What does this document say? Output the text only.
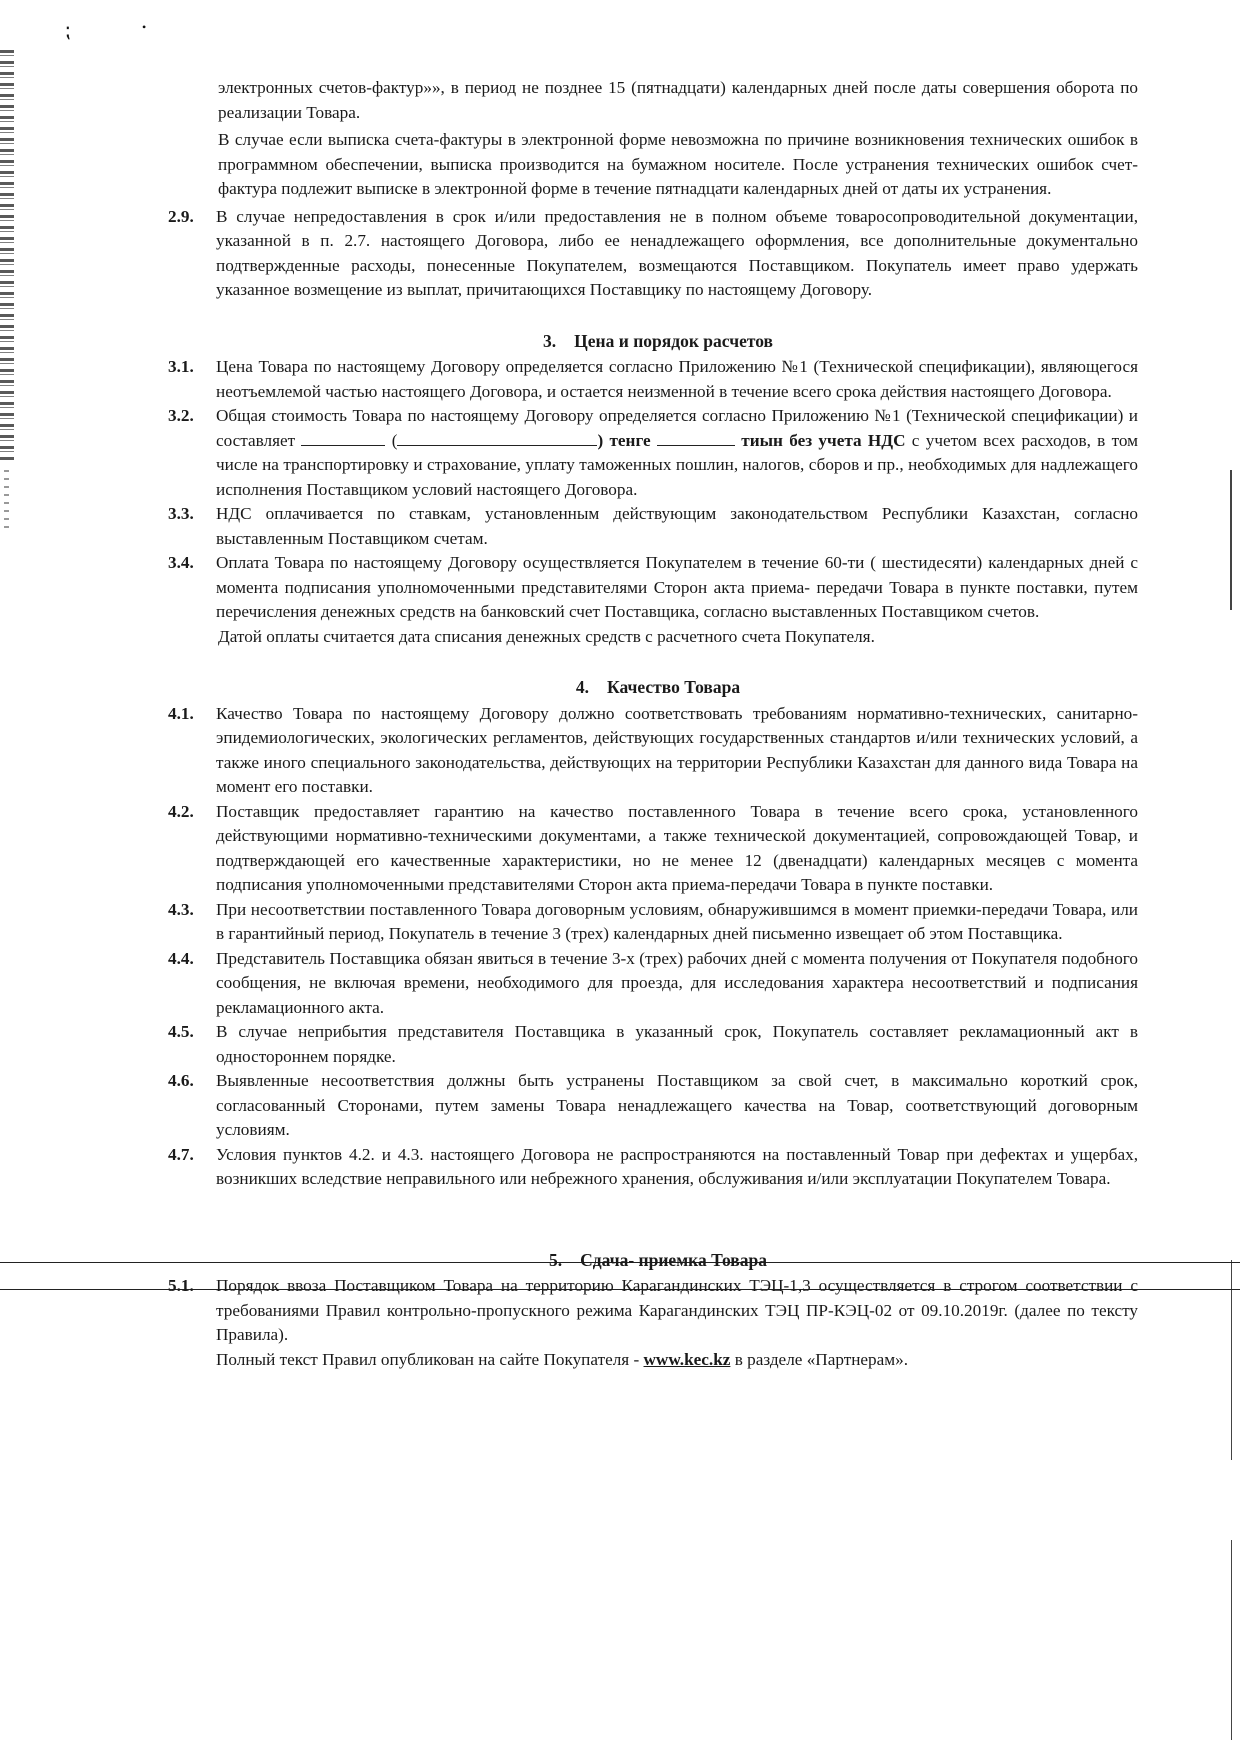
⁏	•

электронных счетов-фактур»», в период не позднее 15 (пятнадцати) календарных дней после даты совершения оборота по реализации Товара.

В случае если выписка счета-фактуры в электронной форме невозможна по причине возникновения технических ошибок в программном обеспечении, выписка производится на бумажном носителе. После устранения технических ошибок счет-фактура подлежит выписке в электронной форме в течение пятнадцати календарных дней от даты их устранения.

2.9.	В случае непредоставления в срок и/или предоставления не в полном объеме товаросопроводительной документации, указанной в п. 2.7. настоящего Договора, либо ее ненадлежащего оформления, все дополнительные документально подтвержденные расходы, понесенные Покупателем, возмещаются Поставщиком. Покупатель имеет право удержать указанное возмещение из выплат, причитающихся Поставщику по настоящему Договору.
3. Цена и порядок расчетов
3.1.	Цена Товара по настоящему Договору определяется согласно Приложению №1 (Технической спецификации), являющегося неотъемлемой частью настоящего Договора, и остается неизменной в течение всего срока действия настоящего Договора.
3.2.	Общая стоимость Товара по настоящему Договору определяется согласно Приложению №1 (Технической спецификации) и составляет	(	) тенге	тиын без учета НДС с учетом всех расходов, в том числе на транспортировку и страхование, уплату таможенных пошлин, налогов, сборов и пр., необходимых для надлежащего исполнения Поставщиком условий настоящего Договора.
3.3.	НДС оплачивается по ставкам, установленным действующим законодательством Республики Казахстан, согласно выставленным Поставщиком счетам.
3.4.	Оплата Товара по настоящему Договору осуществляется Покупателем в течение 60-ти ( шестидесяти) календарных дней с момента подписания уполномоченными представителями Сторон акта приема- передачи Товара в пункте поставки, путем перечисления денежных средств на банковский счет Поставщика, согласно выставленных Поставщиком счетов.

Датой оплаты считается дата списания денежных средств с расчетного счета Покупателя.

4. Качество Товара
4.1.	Качество Товара по настоящему Договору должно соответствовать требованиям нормативно-технических, санитарно-эпидемиологических, экологических регламентов, действующих государственных стандартов и/или технических условий, а также иного специального законодательства, действующих на территории Республики Казахстан для данного вида Товара на момент его поставки.
4.2.	Поставщик предоставляет гарантию на качество поставленного Товара в течение всего срока, установленного действующими нормативно-техническими документами, а также технической документацией, сопровождающей Товар, и подтверждающей его качественные характеристики, но не менее 12 (двенадцати) календарных месяцев с момента подписания уполномоченными представителями Сторон акта приема-передачи Товара в пункте поставки.
4.3.	При несоответствии поставленного Товара договорным условиям, обнаружившимся в момент приемки-передачи Товара, или в гарантийный период, Покупатель в течение 3 (трех) календарных дней письменно извещает об этом Поставщика.
4.4.	Представитель Поставщика обязан явиться в течение 3-х (трех) рабочих дней с момента получения от Покупателя подобного сообщения, не включая времени, необходимого для проезда, для исследования характера несоответствий и подписания рекламационного акта.
4.5.	В случае неприбытия представителя Поставщика в указанный срок, Покупатель составляет рекламационный акт в одностороннем порядке.
4.6.	Выявленные несоответствия должны быть устранены Поставщиком за свой счет, в максимально короткий срок, согласованный Сторонами, путем замены Товара ненадлежащего качества на Товар, соответствующий договорным условиям.
4.7.	Условия пунктов 4.2. и 4.3. настоящего Договора не распространяются на поставленный Товар при дефектах и ущербах, возникших вследствие неправильного или небрежного хранения, обслуживания и/или эксплуатации Покупателем Товара.
5. Сдача- приемка Товара
5.1.	Порядок ввоза Поставщиком Товара на территорию Карагандинских ТЭЦ-1,3 осуществляется в строгом соответствии с требованиями Правил контрольно-пропускного режима Карагандинских ТЭЦ ПР-КЭЦ-02 от 09.10.2019г. (далее по тексту Правила).

Полный текст Правил опубликован на сайте Покупателя - www.kec.kz в разделе «Партнерам».
